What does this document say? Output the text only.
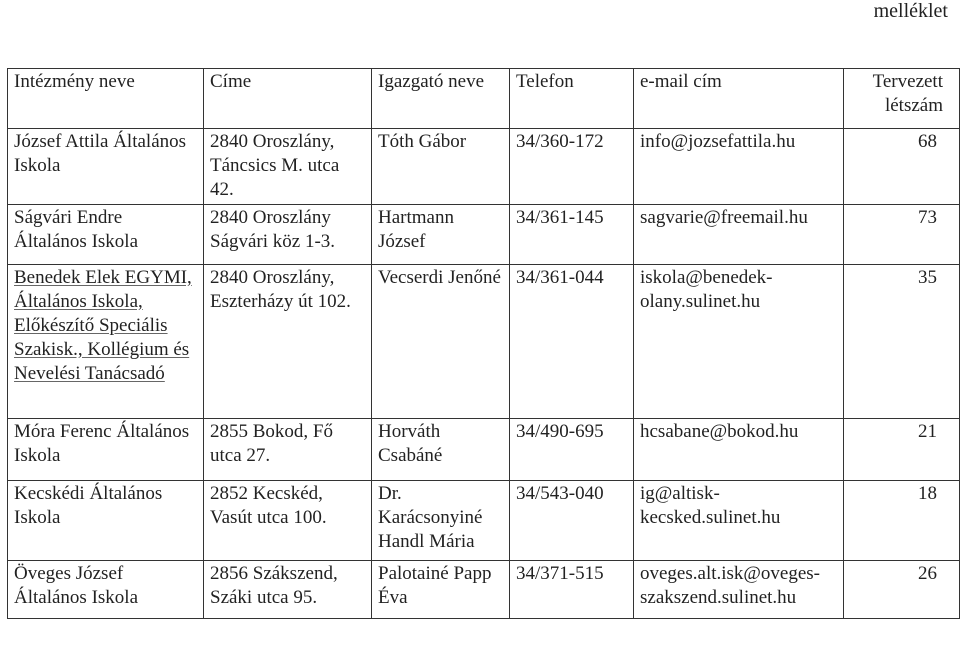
melléklet
Intézmény neve	Címe	Igazgató neve	Telefon	e-mail cím	Tervezett létszám
József Attila Általános Iskola	2840 Oroszlány, Táncsics M. utca 42.	Tóth Gábor	34/360-172	info@jozsefattila.hu	68
Ságvári Endre Általános Iskola	2840 Oroszlány Ságvári köz 1-3.	Hartmann József	34/361-145	sagvarie@freemail.hu	73
Benedek Elek EGYMI, Általános Iskola, Előkészítő Speciális Szakisk., Kollégium és Nevelési Tanácsadó	2840 Oroszlány, Eszterházy út 102.	Vecserdi Jenőné	34/361-044	iskola@benedek-olany.sulinet.hu	35
Móra Ferenc Általános Iskola	2855 Bokod, Fő utca 27.	Horváth Csabáné	34/490-695	hcsabane@bokod.hu	21
Kecskédi Általános Iskola	2852 Kecskéd, Vasút utca 100.	Dr. Karácsonyiné Handl Mária	34/543-040	ig@altisk-kecsked.sulinet.hu	18
Öveges József Általános Iskola	2856 Szákszend, Száki utca 95.	Palotainé Papp Éva	34/371-515	oveges.alt.isk@oveges-szakszend.sulinet.hu	26
